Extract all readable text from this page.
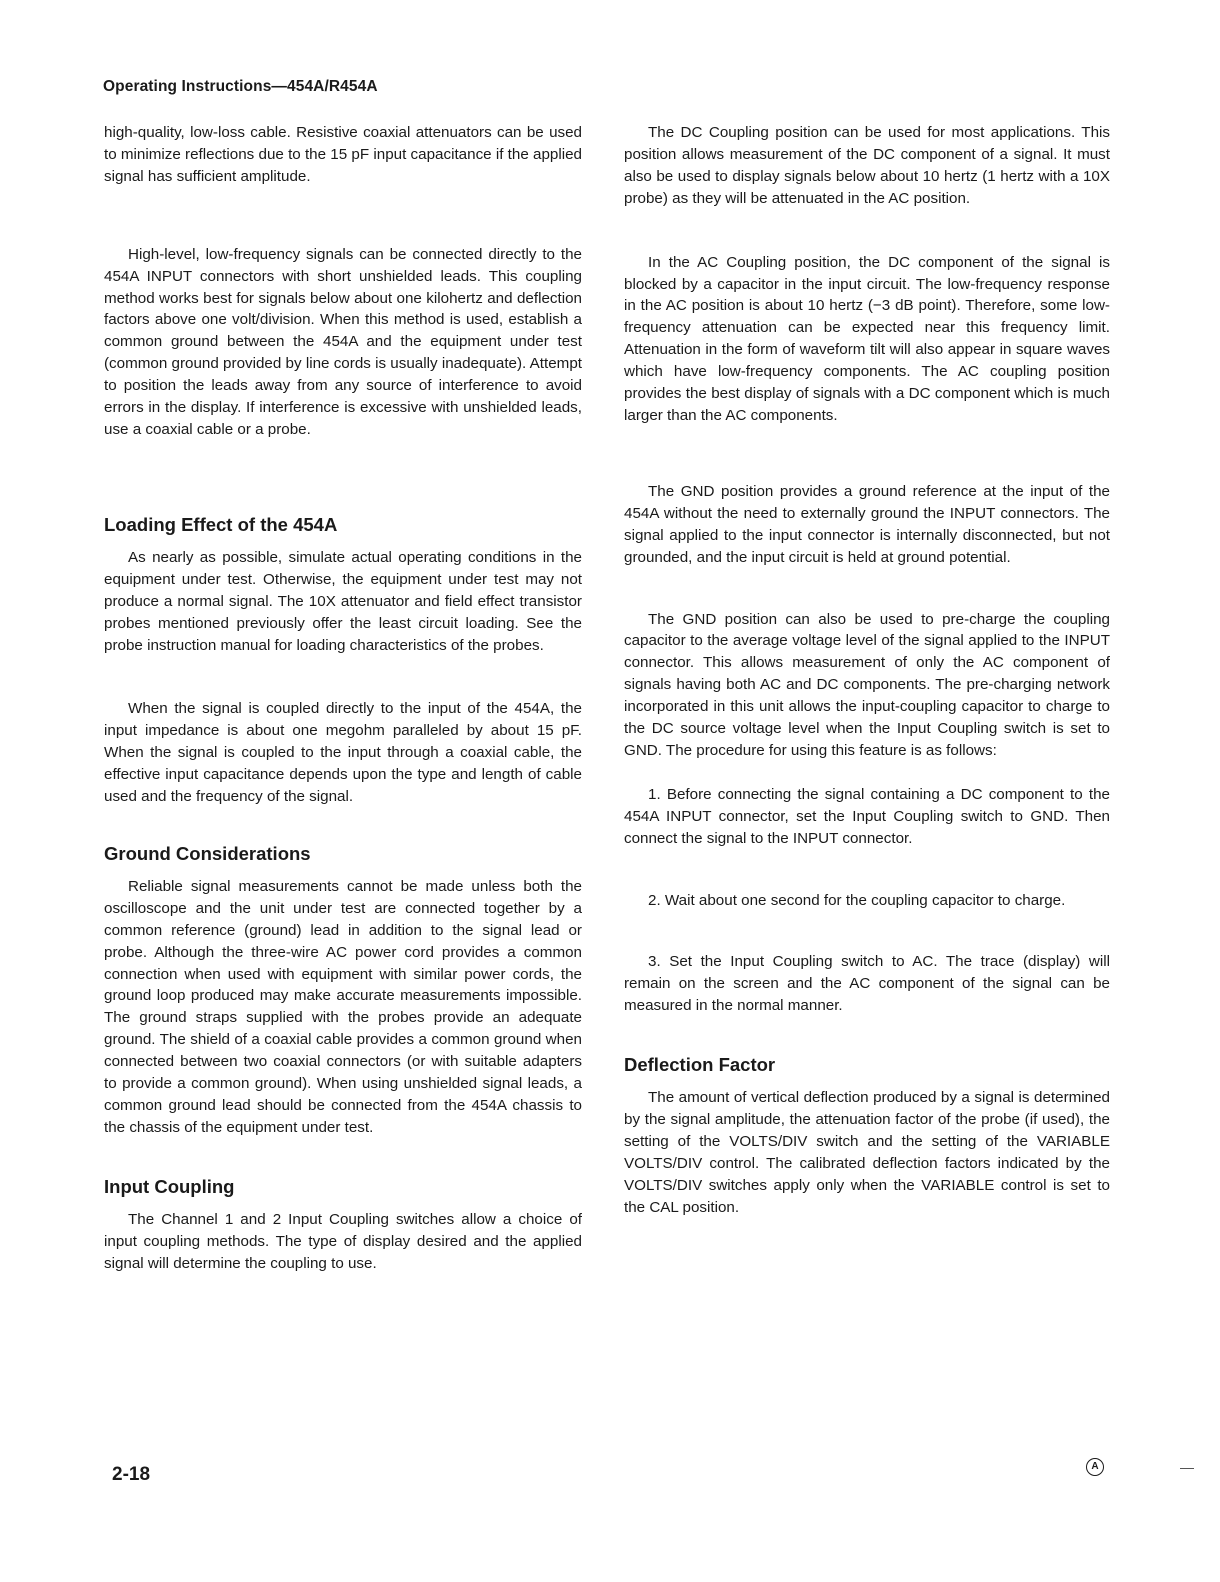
Operating Instructions—454A/R454A

high-quality, low-loss cable. Resistive coaxial attenuators can be used to minimize reflections due to the 15 pF input capacitance if the applied signal has sufficient amplitude.

High-level, low-frequency signals can be connected directly to the 454A INPUT connectors with short unshielded leads. This coupling method works best for signals below about one kilohertz and deflection factors above one volt/division. When this method is used, establish a common ground between the 454A and the equipment under test (common ground provided by line cords is usually inadequate). Attempt to position the leads away from any source of interference to avoid errors in the display. If interference is excessive with unshielded leads, use a coaxial cable or a probe.

Loading Effect of the 454A

As nearly as possible, simulate actual operating conditions in the equipment under test. Otherwise, the equipment under test may not produce a normal signal. The 10X attenuator and field effect transistor probes mentioned previously offer the least circuit loading. See the probe instruction manual for loading characteristics of the probes.

When the signal is coupled directly to the input of the 454A, the input impedance is about one megohm paralleled by about 15 pF. When the signal is coupled to the input through a coaxial cable, the effective input capacitance depends upon the type and length of cable used and the frequency of the signal.

Ground Considerations

Reliable signal measurements cannot be made unless both the oscilloscope and the unit under test are connected together by a common reference (ground) lead in addition to the signal lead or probe. Although the three-wire AC power cord provides a common connection when used with equipment with similar power cords, the ground loop produced may make accurate measurements impossible. The ground straps supplied with the probes provide an adequate ground. The shield of a coaxial cable provides a common ground when connected between two coaxial connectors (or with suitable adapters to provide a common ground). When using unshielded signal leads, a common ground lead should be connected from the 454A chassis to the chassis of the equipment under test.

Input Coupling

The Channel 1 and 2 Input Coupling switches allow a choice of input coupling methods. The type of display desired and the applied signal will determine the coupling to use.

The DC Coupling position can be used for most applications. This position allows measurement of the DC component of a signal. It must also be used to display signals below about 10 hertz (1 hertz with a 10X probe) as they will be attenuated in the AC position.

In the AC Coupling position, the DC component of the signal is blocked by a capacitor in the input circuit. The low-frequency response in the AC position is about 10 hertz (−3 dB point). Therefore, some low-frequency attenuation can be expected near this frequency limit. Attenuation in the form of waveform tilt will also appear in square waves which have low-frequency components. The AC coupling position provides the best display of signals with a DC component which is much larger than the AC components.

The GND position provides a ground reference at the input of the 454A without the need to externally ground the INPUT connectors. The signal applied to the input connector is internally disconnected, but not grounded, and the input circuit is held at ground potential.

The GND position can also be used to pre-charge the coupling capacitor to the average voltage level of the signal applied to the INPUT connector. This allows measurement of only the AC component of signals having both AC and DC components. The pre-charging network incorporated in this unit allows the input-coupling capacitor to charge to the DC source voltage level when the Input Coupling switch is set to GND. The procedure for using this feature is as follows:

1. Before connecting the signal containing a DC component to the 454A INPUT connector, set the Input Coupling switch to GND. Then connect the signal to the INPUT connector.

2. Wait about one second for the coupling capacitor to charge.

3. Set the Input Coupling switch to AC. The trace (display) will remain on the screen and the AC component of the signal can be measured in the normal manner.

Deflection Factor

The amount of vertical deflection produced by a signal is determined by the signal amplitude, the attenuation factor of the probe (if used), the setting of the VOLTS/DIV switch and the setting of the VARIABLE VOLTS/DIV control. The calibrated deflection factors indicated by the VOLTS/DIV switches apply only when the VARIABLE control is set to the CAL position.

2-18	A
